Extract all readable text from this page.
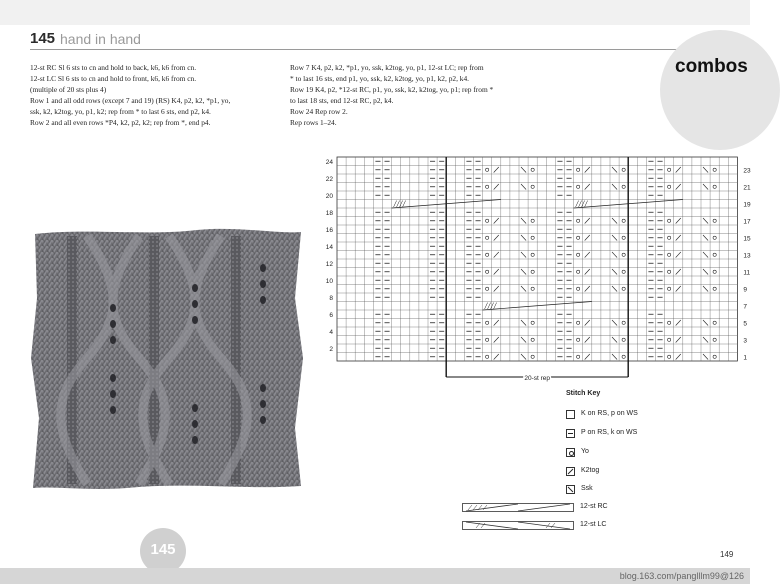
145 hand in hand
combos
12-st RC Sl 6 sts to cn and hold to back, k6, k6 from cn.
12-st LC Sl 6 sts to cn and hold to front, k6, k6 from cn.
(multiple of 20 sts plus 4)
Row 1 and all odd rows (except 7 and 19) (RS) K4, p2, k2, *p1, yo,
ssk, k2, k2tog, yo, p1, k2; rep from * to last 6 sts, end p2, k4.
Row 2 and all even rows *P4, k2, p2, k2; rep from *, end p4.
Row 7 K4, p2, k2, *p1, yo, ssk, k2tog, yo, p1, 12-st LC; rep from
* to last 16 sts, end p1, yo, ssk, k2, k2tog, yo, p1, k2, p2, k4.
Row 19 K4, p2, *12-st RC, p1, yo, ssk, k2, k2tog, yo, p1; rep from *
to last 18 sts, end 12-st RC, p2, k4.
Row 24 Rep row 2.
Rep rows 1–24.
24
22
20
18
16
14
12
10
8
6
4
2
23
21
19
17
15
13
11
9
7
5
3
1
20-st rep
Stitch Key
K on RS, p on WS
P on RS, k on WS
Yo
K2tog
Ssk
12-st RC
12-st LC
145	149
blog.163.com/panglllm99@126
